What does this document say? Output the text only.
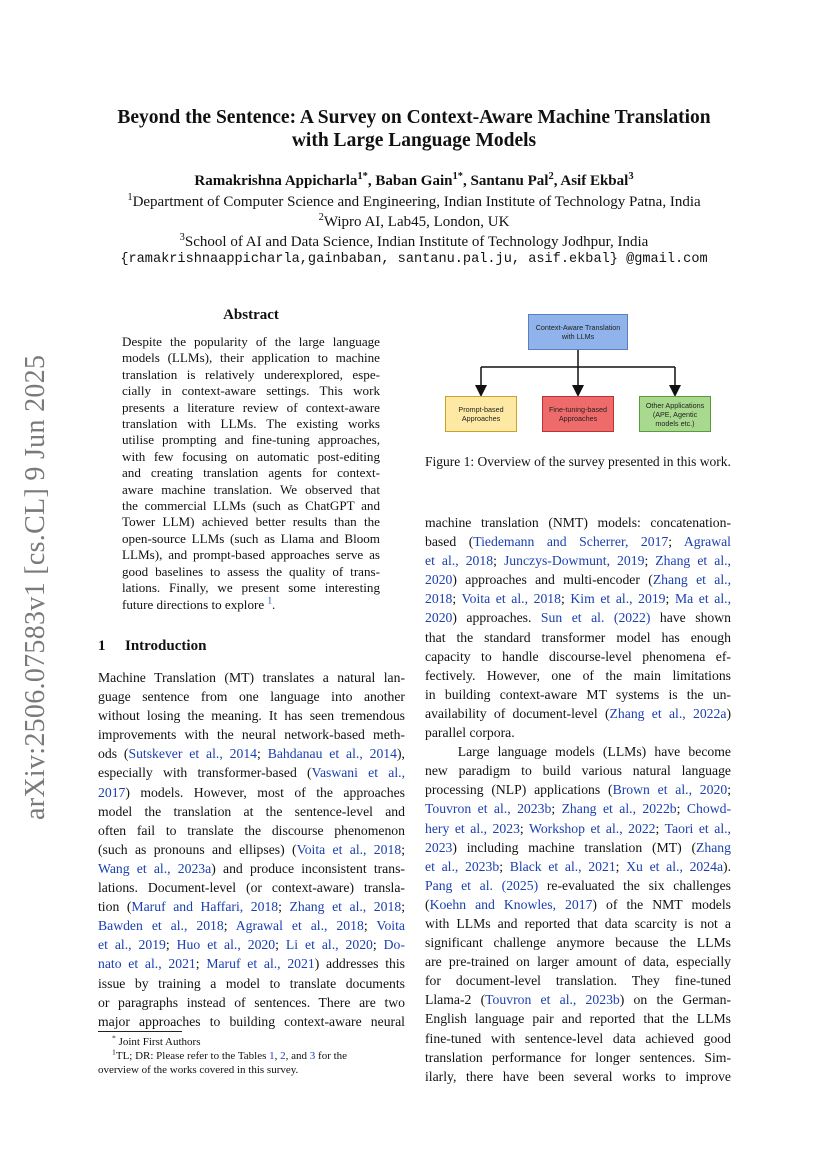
arXiv:2506.07583v1 [cs.CL] 9 Jun 2025
Beyond the Sentence: A Survey on Context-Aware Machine Translation
with Large Language Models
Ramakrishna Appicharla$^{1*}$, Baban Gain$^{1*}$, Santanu Pal$^2$, Asif Ekbal$^3$
$^1$Department of Computer Science and Engineering, Indian Institute of Technology Patna, India
$^2$Wipro AI, Lab45, London, UK
$^3$School of AI and Data Science, Indian Institute of Technology Jodhpur, India
{ramakrishnaappicharla,gainbaban, santanu.pal.ju, asif.ekbal} @gmail.com
Abstract
Despite the popularity of the large language
models (LLMs), their application to machine
translation is relatively underexplored, espe-
cially in context-aware settings. This work
presents a literature review of context-aware
translation with LLMs. The existing works
utilise prompting and fine-tuning approaches,
with few focusing on automatic post-editing
and creating translation agents for context-
aware machine translation. We observed that
the commercial LLMs (such as ChatGPT and
Tower LLM) achieved better results than the
open-source LLMs (such as Llama and Bloom
LLMs), and prompt-based approaches serve as
good baselines to assess the quality of trans-
lations. Finally, we present some interesting
future directions to explore $^1$.
Context-Aware Translation with LLMs
Prompt-based Approaches
Fine-tuning-based Approaches
Other Applications (APE, Agentic models etc.)
Figure 1: Overview of the survey presented in this work.
1 Introduction
Machine Translation (MT) translates a natural lan-
guage sentence from one language into another
without losing the meaning. It has seen tremendous
improvements with the neural network-based meth-
ods (Sutskever et al., 2014; Bahdanau et al., 2014),
especially with transformer-based (Vaswani et al.,
2017) models. However, most of the approaches
model the translation at the sentence-level and
often fail to translate the discourse phenomenon
(such as pronouns and ellipses) (Voita et al., 2018;
Wang et al., 2023a) and produce inconsistent trans-
lations. Document-level (or context-aware) transla-
tion (Maruf and Haffari, 2018; Zhang et al., 2018;
Bawden et al., 2018; Agrawal et al., 2018; Voita
et al., 2019; Huo et al., 2020; Li et al., 2020; Do-
nato et al., 2021; Maruf et al., 2021) addresses this
issue by training a model to translate documents
or paragraphs instead of sentences. There are two
major approaches to building context-aware neural
machine translation (NMT) models: concatenation-
based (Tiedemann and Scherrer, 2017; Agrawal
et al., 2018; Junczys-Dowmunt, 2019; Zhang et al.,
2020) approaches and multi-encoder (Zhang et al.,
2018; Voita et al., 2018; Kim et al., 2019; Ma et al.,
2020) approaches. Sun et al. (2022) have shown
that the standard transformer model has enough
capacity to handle discourse-level phenomena ef-
fectively. However, one of the main limitations
in building context-aware MT systems is the un-
availability of document-level (Zhang et al., 2022a)
parallel corpora.
Large language models (LLMs) have become
new paradigm to build various natural language
processing (NLP) applications (Brown et al., 2020;
Touvron et al., 2023b; Zhang et al., 2022b; Chowd-
hery et al., 2023; Workshop et al., 2022; Taori et al.,
2023) including machine translation (MT) (Zhang
et al., 2023b; Black et al., 2021; Xu et al., 2024a).
Pang et al. (2025) re-evaluated the six challenges
(Koehn and Knowles, 2017) of the NMT models
with LLMs and reported that data scarcity is not a
significant challenge anymore because the LLMs
are pre-trained on larger amount of data, especially
for document-level translation. They fine-tuned
Llama-2 (Touvron et al., 2023b) on the German-
English language pair and reported that the LLMs
fine-tuned with sentence-level data achieved good
translation performance for longer sentences. Sim-
ilarly, there have been several works to improve
* Joint First Authors
$^1$TL; DR: Please refer to the Tables 1, 2, and 3 for the
overview of the works covered in this survey.
